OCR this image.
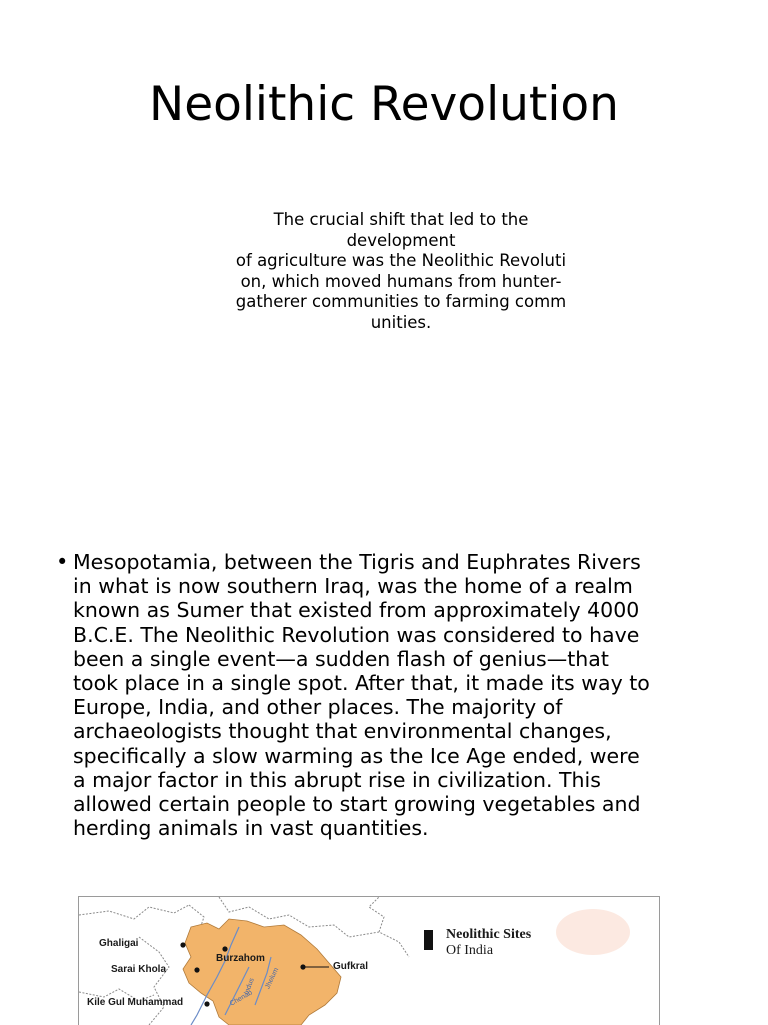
Neolithic Revolution
The crucial shift that led to the
development
of agriculture was the Neolithic Revoluti
on, which moved humans from hunter-
gatherer communities to farming comm
unities.
• Mesopotamia, between the Tigris and Euphrates Rivers
in what is now southern Iraq, was the home of a realm
known as Sumer that existed from approximately 4000
B.C.E. The Neolithic Revolution was considered to have
been a single event—a sudden flash of genius—that
took place in a single spot. After that, it made its way to
Europe, India, and other places. The majority of
archaeologists thought that environmental changes,
specifically a slow warming as the Ice Age ended, were
a major factor in this abrupt rise in civilization. This
allowed certain people to start growing vegetables and
herding animals in vast quantities.
Ghaligai
Burzahom
Sarai Khola	Gufkral
Kile Gul Muhammad
Indus Jhelum
Chenab
Neolithic Sites
Of India
